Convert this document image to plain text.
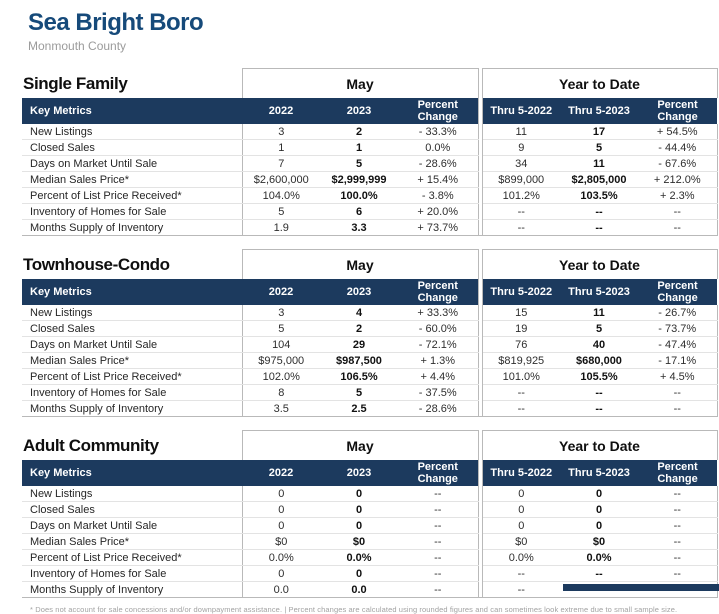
Sea Bright Boro
Monmouth County
Single Family	May				Year to Date		
Key Metrics	2022	2023	Percent Change		Thru 5-2022	Thru 5-2023	Percent Change
New Listings	3	2	- 33.3%		11	17	+ 54.5%
Closed Sales	1	1	0.0%		9	5	- 44.4%
Days on Market Until Sale	7	5	- 28.6%		34	11	- 67.6%
Median Sales Price*	$2,600,000	$2,999,999	+ 15.4%		$899,000	$2,805,000	+ 212.0%
Percent of List Price Received*	104.0%	100.0%	- 3.8%		101.2%	103.5%	+ 2.3%
Inventory of Homes for Sale	5	6	+ 20.0%		--	--	--
Months Supply of Inventory	1.9	3.3	+ 73.7%		--	--	--
Townhouse-Condo	May				Year to Date		
Key Metrics	2022	2023	Percent Change		Thru 5-2022	Thru 5-2023	Percent Change
New Listings	3	4	+ 33.3%		15	11	- 26.7%
Closed Sales	5	2	- 60.0%		19	5	- 73.7%
Days on Market Until Sale	104	29	- 72.1%		76	40	- 47.4%
Median Sales Price*	$975,000	$987,500	+ 1.3%		$819,925	$680,000	- 17.1%
Percent of List Price Received*	102.0%	106.5%	+ 4.4%		101.0%	105.5%	+ 4.5%
Inventory of Homes for Sale	8	5	- 37.5%		--	--	--
Months Supply of Inventory	3.5	2.5	- 28.6%		--	--	--
Adult Community	May				Year to Date		
Key Metrics	2022	2023	Percent Change		Thru 5-2022	Thru 5-2023	Percent Change
New Listings	0	0	--		0	0	--
Closed Sales	0	0	--		0	0	--
Days on Market Until Sale	0	0	--		0	0	--
Median Sales Price*	$0	$0	--		$0	$0	--
Percent of List Price Received*	0.0%	0.0%	--		0.0%	0.0%	--
Inventory of Homes for Sale	0	0	--		--	--	--
Months Supply of Inventory	0.0	0.0	--		--		
* Does not account for sale concessions and/or downpayment assistance. | Percent changes are calculated using rounded figures and can sometimes look extreme due to small sample size.
